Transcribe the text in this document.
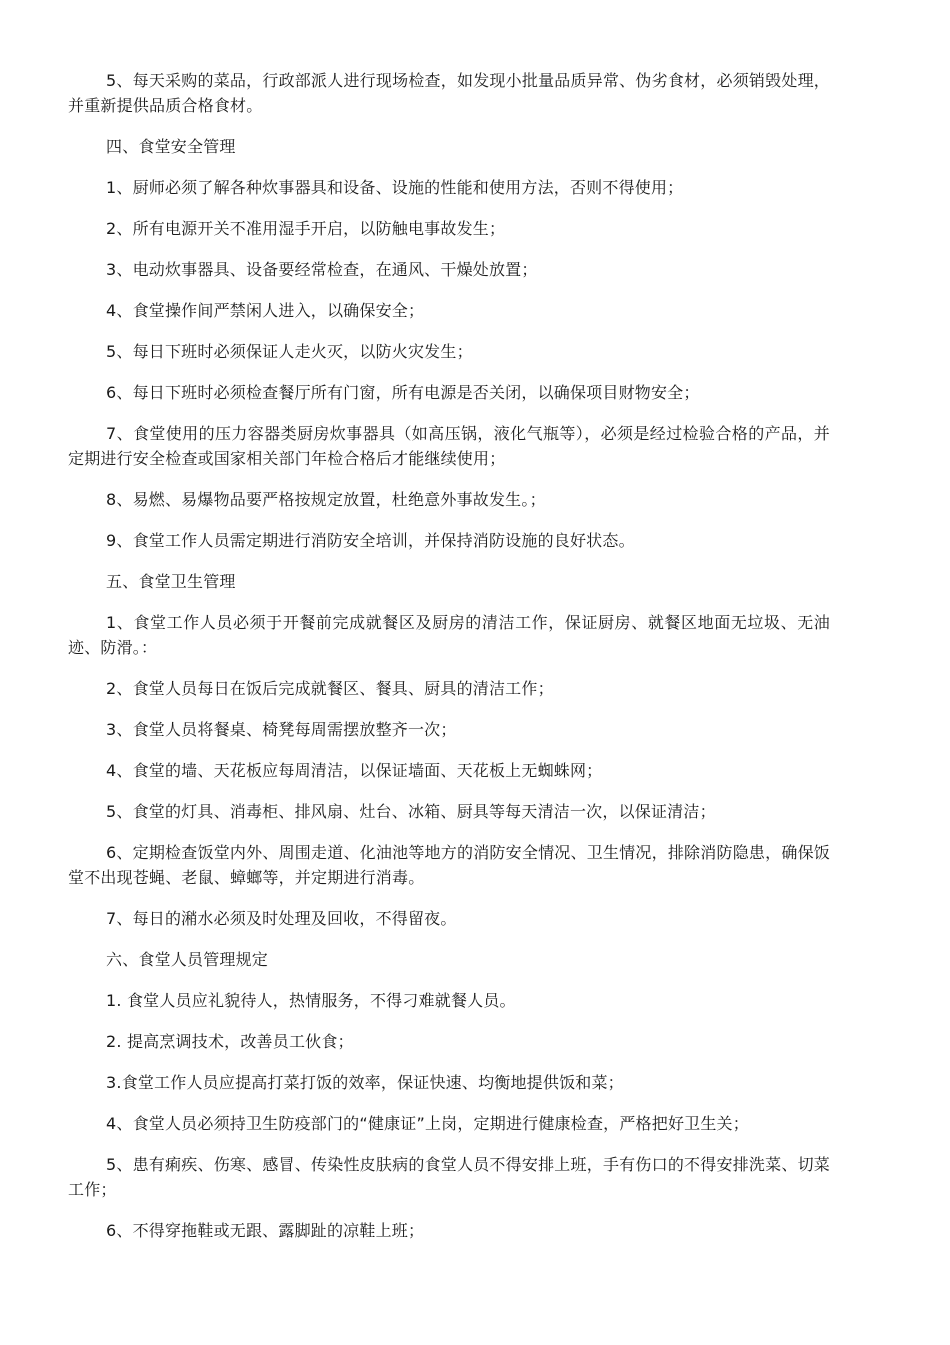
5、每天采购的菜品，行政部派人进行现场检查，如发现小批量品质异常、伪劣食材，必须销毁处理，并重新提供品质合格食材。

四、食堂安全管理

1、厨师必须了解各种炊事器具和设备、设施的性能和使用方法，否则不得使用；

2、所有电源开关不准用湿手开启，以防触电事故发生；

3、电动炊事器具、设备要经常检查，在通风、干燥处放置；

4、食堂操作间严禁闲人进入，以确保安全；

5、每日下班时必须保证人走火灭，以防火灾发生；

6、每日下班时必须检查餐厅所有门窗，所有电源是否关闭，以确保项目财物安全；

7、食堂使用的压力容器类厨房炊事器具（如高压锅，液化气瓶等），必须是经过检验合格的产品，并定期进行安全检查或国家相关部门年检合格后才能继续使用；

8、易燃、易爆物品要严格按规定放置，杜绝意外事故发生。；

9、食堂工作人员需定期进行消防安全培训，并保持消防设施的良好状态。

五、食堂卫生管理

1、食堂工作人员必须于开餐前完成就餐区及厨房的清洁工作，保证厨房、就餐区地面无垃圾、无油迹、防滑。：

2、食堂人员每日在饭后完成就餐区、餐具、厨具的清洁工作；

3、食堂人员将餐桌、椅凳每周需摆放整齐一次；

4、食堂的墙、天花板应每周清洁，以保证墙面、天花板上无蜘蛛网；

5、食堂的灯具、消毒柜、排风扇、灶台、冰箱、厨具等每天清洁一次，以保证清洁；

6、定期检查饭堂内外、周围走道、化油池等地方的消防安全情况、卫生情况，排除消防隐患，确保饭堂不出现苍蝇、老鼠、蟑螂等，并定期进行消毒。

7、每日的潲水必须及时处理及回收，不得留夜。

六、食堂人员管理规定

1. 食堂人员应礼貌待人，热情服务，不得刁难就餐人员。

2. 提高烹调技术，改善员工伙食；

3.食堂工作人员应提高打菜打饭的效率，保证快速、均衡地提供饭和菜；

4、食堂人员必须持卫生防疫部门的“健康证”上岗，定期进行健康检查，严格把好卫生关；

5、患有痢疾、伤寒、感冒、传染性皮肤病的食堂人员不得安排上班，手有伤口的不得安排洗菜、切菜工作；

6、不得穿拖鞋或无跟、露脚趾的凉鞋上班；
